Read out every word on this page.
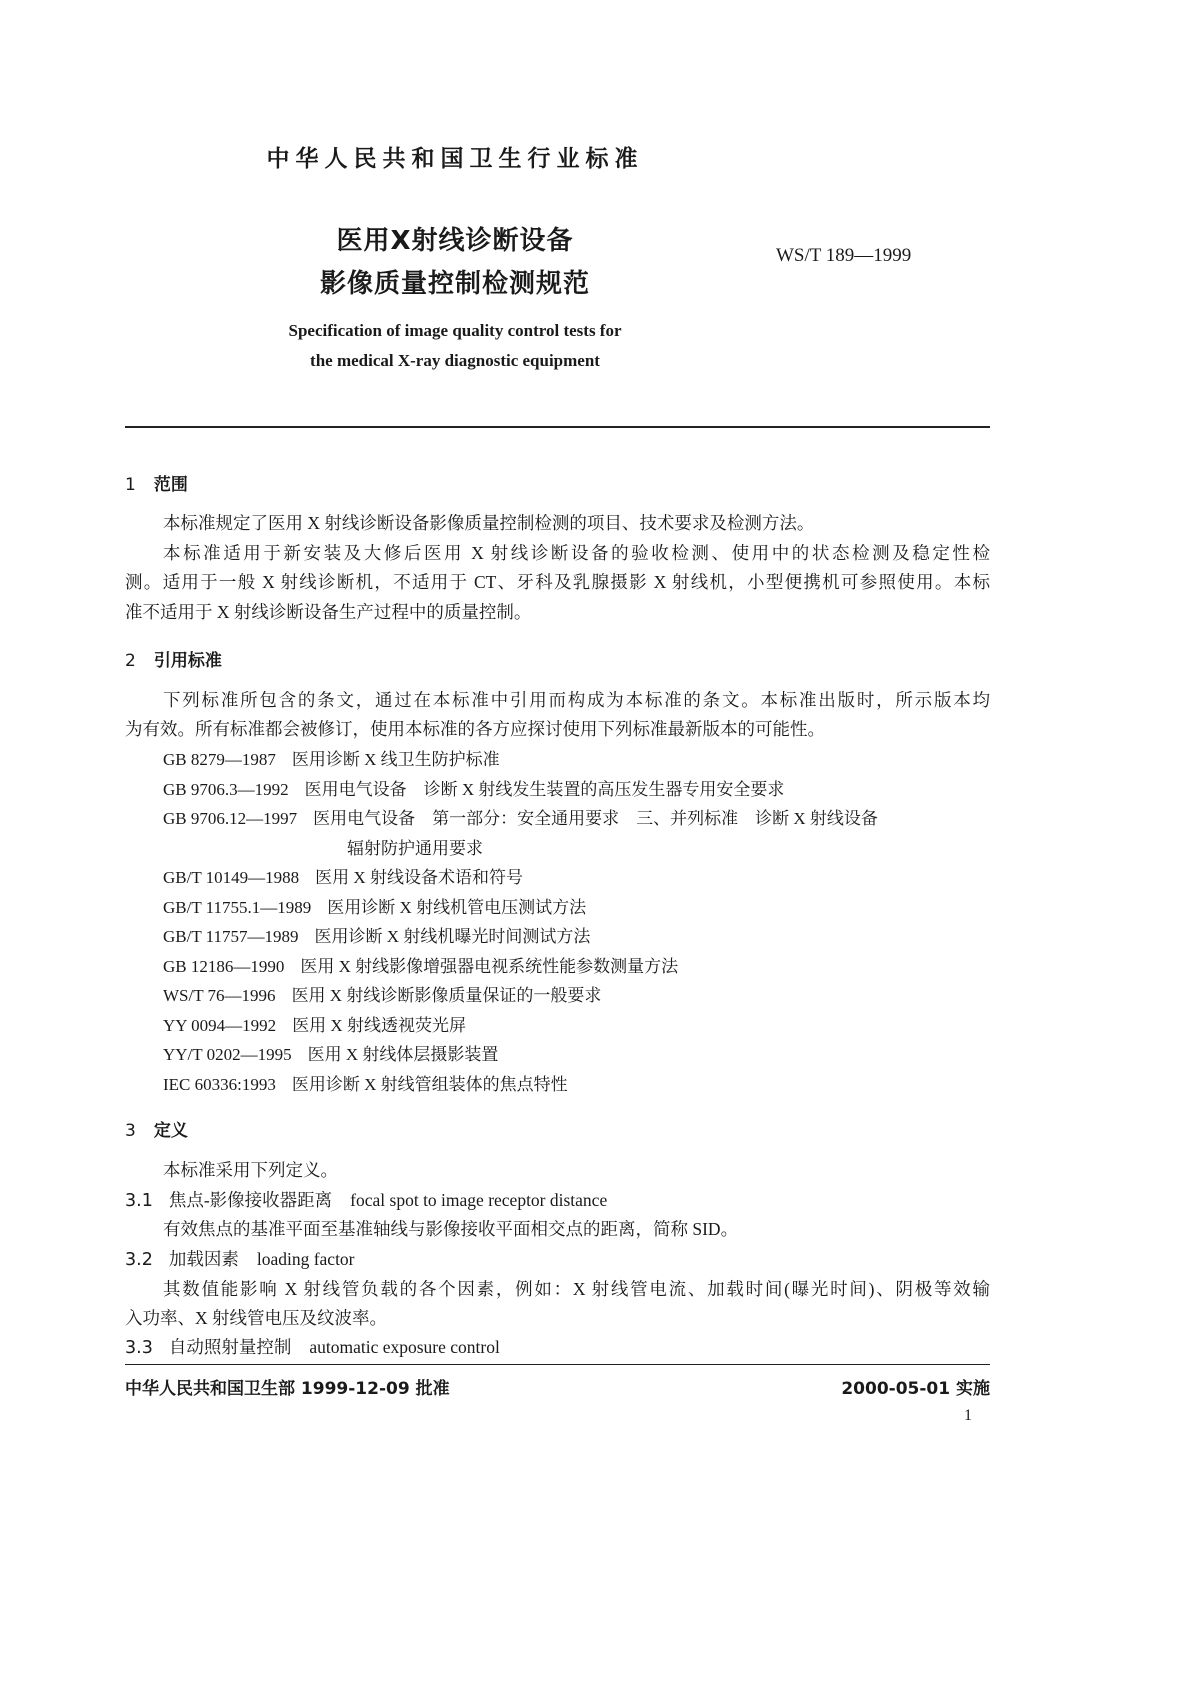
中华人民共和国卫生行业标准
医用X射线诊断设备
影像质量控制检测规范
WS/T 189—1999
Specification of image quality control tests for
the medical X-ray diagnostic equipment
1 范围
本标准规定了医用 X 射线诊断设备影像质量控制检测的项目、技术要求及检测方法。
本标准适用于新安装及大修后医用 X 射线诊断设备的验收检测、使用中的状态检测及稳定性检
测。适用于一般 X 射线诊断机，不适用于 CT、牙科及乳腺摄影 X 射线机，小型便携机可参照使用。本标
准不适用于 X 射线诊断设备生产过程中的质量控制。
2 引用标准
下列标准所包含的条文，通过在本标准中引用而构成为本标准的条文。本标准出版时，所示版本均
为有效。所有标准都会被修订，使用本标准的各方应探讨使用下列标准最新版本的可能性。
GB 8279—1987 医用诊断 X 线卫生防护标准
GB 9706.3—1992 医用电气设备　诊断 X 射线发生装置的高压发生器专用安全要求
GB 9706.12—1997 医用电气设备　第一部分：安全通用要求　三、并列标准　诊断 X 射线设备
辐射防护通用要求
GB/T 10149—1988 医用 X 射线设备术语和符号
GB/T 11755.1—1989 医用诊断 X 射线机管电压测试方法
GB/T 11757—1989 医用诊断 X 射线机曝光时间测试方法
GB 12186—1990 医用 X 射线影像增强器电视系统性能参数测量方法
WS/T 76—1996 医用 X 射线诊断影像质量保证的一般要求
YY 0094—1992 医用 X 射线透视荧光屏
YY/T 0202—1995 医用 X 射线体层摄影装置
IEC 60336:1993 医用诊断 X 射线管组装体的焦点特性
3 定义
本标准采用下列定义。
3.1 焦点-影像接收器距离 focal spot to image receptor distance
有效焦点的基准平面至基准轴线与影像接收平面相交点的距离，简称 SID。
3.2 加载因素 loading factor
其数值能影响 X 射线管负载的各个因素，例如：X 射线管电流、加载时间(曝光时间)、阴极等效输
入功率、X 射线管电压及纹波率。
3.3 自动照射量控制 automatic exposure control
中华人民共和国卫生部 1999-12-09 批准	2000-05-01 实施
1
